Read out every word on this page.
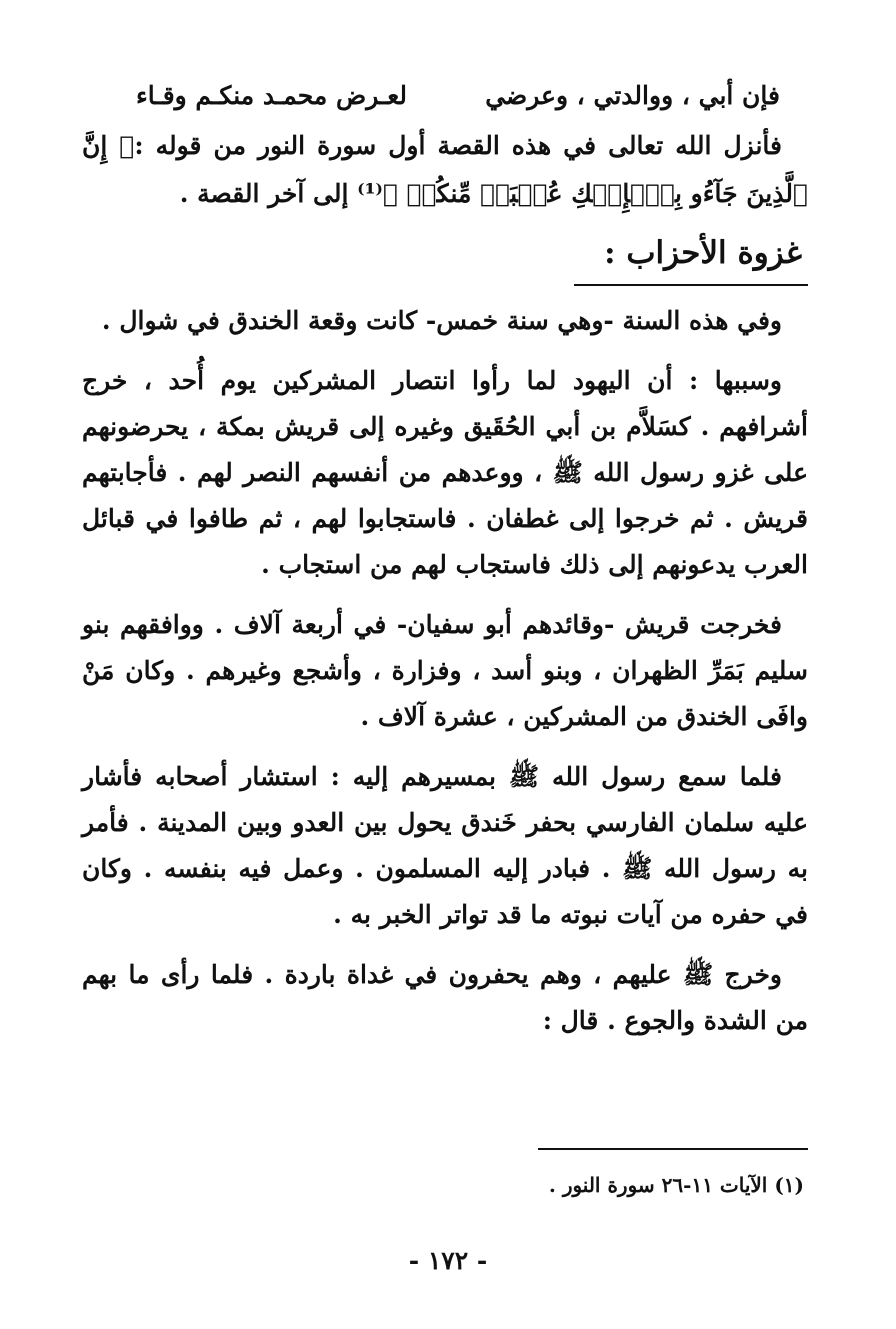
فإن أبي ، ووالدتي ، وعرضي
لعـرض محمـد منكـم وقـاء

فأنزل الله تعالى في هذه القصة أول سورة النور من قوله :﴿ إِنَّ ٱلَّذِينَ جَآءُو بِٱلۡإِفۡكِ عُصۡبَةٞ مِّنكُمۡ ﴾⁽¹⁾ إلى آخر القصة .

غزوة الأحزاب :

وفي هذه السنة -وهي سنة خمس- كانت وقعة الخندق في شوال .

وسببها : أن اليهود لما رأوا انتصار المشركين يوم أُحد ، خرج أشرافهم . كسَلاَّم بن أبي الحُقَيق وغيره إلى قريش بمكة ، يحرضونهم على غزو رسول الله ﷺ ، ووعدهم من أنفسهم النصر لهم . فأجابتهم قريش . ثم خرجوا إلى غطفان . فاستجابوا لهم ، ثم طافوا في قبائل العرب يدعونهم إلى ذلك فاستجاب لهم من استجاب .

فخرجت قريش -وقائدهم أبو سفيان- في أربعة آلاف . ووافقهم بنو سليم بَمَرِّ الظهران ، وبنو أسد ، وفزارة ، وأشجع وغيرهم . وكان مَنْ وافَى الخندق من المشركين ، عشرة آلاف .

فلما سمع رسول الله ﷺ بمسيرهم إليه : استشار أصحابه فأشار عليه سلمان الفارسي بحفر خَندق يحول بين العدو وبين المدينة . فأمر به رسول الله ﷺ . فبادر إليه المسلمون . وعمل فيه بنفسه . وكان في حفره من آيات نبوته ما قد تواتر الخبر به .

وخرج ﷺ عليهم ، وهم يحفرون في غداة باردة . فلما رأى ما بهم من الشدة والجوع . قال :

(١) الآيات ١١-٢٦ سورة النور .
- ١٧٢ -
